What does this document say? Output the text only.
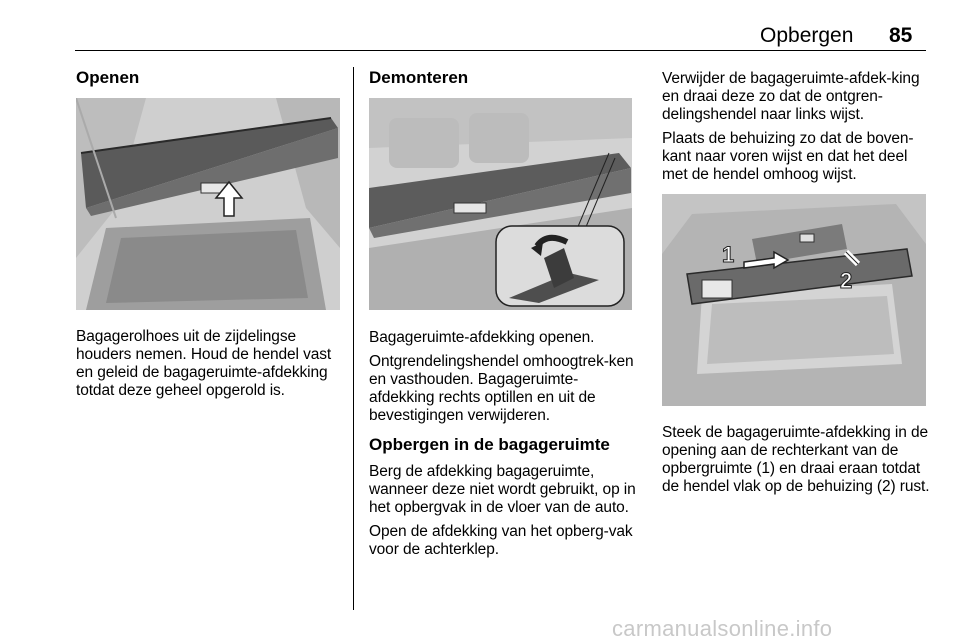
Opbergen 85
Openen

Bagagerolhoes uit de zijdelingse houders nemen. Houd de hendel vast en geleid de bagageruimte-afdekking totdat deze geheel opgerold is.

Demonteren

Bagageruimte-afdekking openen.

Ontgrendelingshendel omhoogtrek-ken en vasthouden. Bagageruimte-afdekking rechts optillen en uit de bevestigingen verwijderen.

Opbergen in de bagageruimte

Berg de afdekking bagageruimte, wanneer deze niet wordt gebruikt, op in het opbergvak in de vloer van de auto.

Open de afdekking van het opberg-vak voor de achterklep.

Verwijder de bagageruimte-afdek-king en draai deze zo dat de ontgren-delingshendel naar links wijst.

Plaats de behuizing zo dat de boven-kant naar voren wijst en dat het deel met de hendel omhoog wijst.

1
2

Steek de bagageruimte-afdekking in de opening aan de rechterkant van de opbergruimte (1) en draai eraan totdat de hendel vlak op de behuizing (2) rust.

carmanualsonline.info
